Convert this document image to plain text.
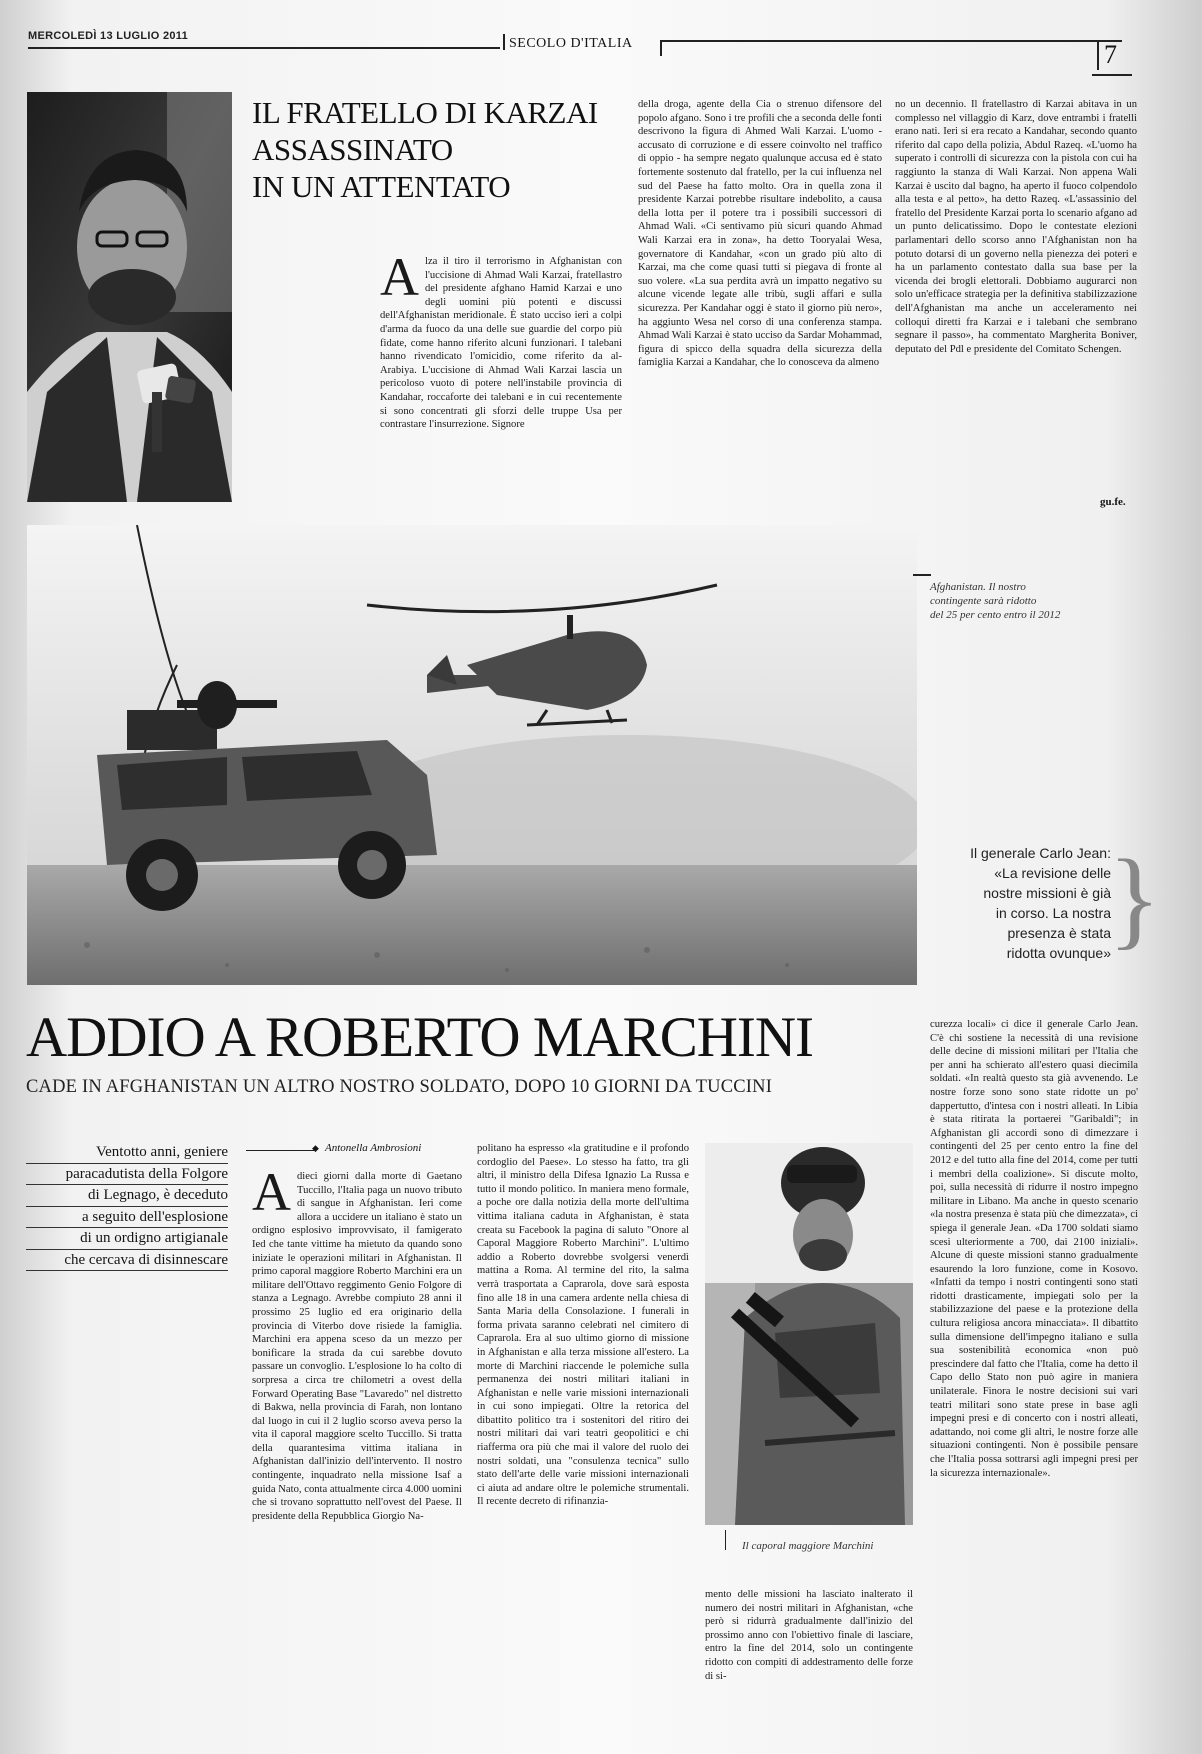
MERCOLEDÌ 13 LUGLIO 2011	SECOLO D'ITALIA	7
IL FRATELLO DI KARZAI
ASSASSINATO
IN UN ATTENTATO
A lza il tiro il terrorismo in Afghanistan con l'uccisione di Ahmad Wali Karzai, fratellastro del presidente afghano Hamid Karzai e uno degli uomini più potenti e discussi dell'Afghanistan meridionale. È stato ucciso ieri a colpi d'arma da fuoco da una delle sue guardie del corpo più fidate, come hanno riferito alcuni funzionari. I talebani hanno rivendicato l'omicidio, come riferito da al-Arabiya. L'uccisione di Ahmad Wali Karzai lascia un pericoloso vuoto di potere nell'instabile provincia di Kandahar, roccaforte dei talebani e in cui recentemente si sono concentrati gli sforzi delle truppe Usa per contrastare l'insurrezione. Signore
della droga, agente della Cia o strenuo difensore del popolo afgano. Sono i tre profili che a seconda delle fonti descrivono la figura di Ahmed Wali Karzai. L'uomo - accusato di corruzione e di essere coinvolto nel traffico di oppio - ha sempre negato qualunque accusa ed è stato fortemente sostenuto dal fratello, per la cui influenza nel sud del Paese ha fatto molto. Ora in quella zona il presidente Karzai potrebbe risultare indebolito, a causa della lotta per il potere tra i possibili successori di Ahmad Wali. «Ci sentivamo più sicuri quando Ahmad Wali Karzai era in zona», ha detto Tooryalai Wesa, governatore di Kandahar, «con un grado più alto di Karzai, ma che come quasi tutti si piegava di fronte al suo volere. «La sua perdita avrà un impatto negativo su alcune vicende legate alle tribù, sugli affari e sulla sicurezza. Per Kandahar oggi è stato il giorno più nero», ha aggiunto Wesa nel corso di una conferenza stampa. Ahmad Wali Karzai è stato ucciso da Sardar Mohammad, figura di spicco della squadra della sicurezza della famiglia Karzai a Kandahar, che lo conosceva da almeno
no un decennio. Il fratellastro di Karzai abitava in un complesso nel villaggio di Karz, dove entrambi i fratelli erano nati. Ieri si era recato a Kandahar, secondo quanto riferito dal capo della polizia, Abdul Razeq. «L'uomo ha superato i controlli di sicurezza con la pistola con cui ha raggiunto la stanza di Wali Karzai. Non appena Wali Karzai è uscito dal bagno, ha aperto il fuoco colpendolo alla testa e al petto», ha detto Razeq. «L'assassinio del fratello del Presidente Karzai porta lo scenario afgano ad un punto delicatissimo. Dopo le contestate elezioni parlamentari dello scorso anno l'Afghanistan non ha potuto dotarsi di un governo nella pienezza dei poteri e ha un parlamento contestato dalla sua base per la vicenda dei brogli elettorali. Dobbiamo augurarci non solo un'efficace strategia per la definitiva stabilizzazione dell'Afghanistan ma anche un acceleramento nei colloqui diretti fra Karzai e i talebani che sembrano segnare il passo», ha commentato Margherita Boniver, deputato del Pdl e presidente del Comitato Schengen.
gu.fe.
Afghanistan. Il nostro
contingente sarà ridotto
del 25 per cento entro il 2012
Il generale Carlo Jean:
«La revisione delle
nostre missioni è già
in corso. La nostra
presenza è stata
ridotta ovunque»
}
ADDIO A ROBERTO MARCHINI
CADE IN AFGHANISTAN UN ALTRO NOSTRO SOLDATO, DOPO 10 GIORNI DA TUCCINI
Ventotto anni, geniere
paracadutista della Folgore
di Legnago, è deceduto
a seguito dell'esplosione
di un ordigno artigianale
che cercava di disinnescare
◆ Antonella Ambrosioni
A dieci giorni dalla morte di Gaetano Tuccillo, l'Italia paga un nuovo tributo di sangue in Afghanistan. Ieri come allora a uccidere un italiano è stato un ordigno esplosivo improvvisato, il famigerato Ied che tante vittime ha mietuto da quando sono iniziate le operazioni militari in Afghanistan. Il primo caporal maggiore Roberto Marchini era un militare dell'Ottavo reggimento Genio Folgore di stanza a Legnago. Avrebbe compiuto 28 anni il prossimo 25 luglio ed era originario della provincia di Viterbo dove risiede la famiglia. Marchini era appena sceso da un mezzo per bonificare la strada da cui sarebbe dovuto passare un convoglio. L'esplosione lo ha colto di sorpresa a circa tre chilometri a ovest della Forward Operating Base "Lavaredo" nel distretto di Bakwa, nella provincia di Farah, non lontano dal luogo in cui il 2 luglio scorso aveva perso la vita il caporal maggiore scelto Tuccillo. Si tratta della quarantesima vittima italiana in Afghanistan dall'inizio dell'intervento. Il nostro contingente, inquadrato nella missione Isaf a guida Nato, conta attualmente circa 4.000 uomini che si trovano soprattutto nell'ovest del Paese. Il presidente della Repubblica Giorgio Na-
politano ha espresso «la gratitudine e il profondo cordoglio del Paese». Lo stesso ha fatto, tra gli altri, il ministro della Difesa Ignazio La Russa e tutto il mondo politico. In maniera meno formale, a poche ore dalla notizia della morte dell'ultima vittima italiana caduta in Afghanistan, è stata creata su Facebook la pagina di saluto "Onore al Caporal Maggiore Roberto Marchini". L'ultimo addio a Roberto dovrebbe svolgersi venerdì mattina a Roma. Al termine del rito, la salma verrà trasportata a Caprarola, dove sarà esposta fino alle 18 in una camera ardente nella chiesa di Santa Maria della Consolazione. I funerali in forma privata saranno celebrati nel cimitero di Caprarola. Era al suo ultimo giorno di missione in Afghanistan e alla terza missione all'estero. La morte di Marchini riaccende le polemiche sulla permanenza dei nostri militari italiani in Afghanistan e nelle varie missioni internazionali in cui sono impiegati. Oltre la retorica del dibattito politico tra i sostenitori del ritiro dei nostri militari dai vari teatri geopolitici e chi riafferma ora più che mai il valore del ruolo dei nostri soldati, una "consulenza tecnica" sullo stato dell'arte delle varie missioni internazionali ci aiuta ad andare oltre le polemiche strumentali. Il recente decreto di rifinanzia-
Il caporal maggiore Marchini
mento delle missioni ha lasciato inalterato il numero dei nostri militari in Afghanistan, «che però si ridurrà gradualmente dall'inizio del prossimo anno con l'obiettivo finale di lasciare, entro la fine del 2014, solo un contingente ridotto con compiti di addestramento delle forze di si-
curezza locali» ci dice il generale Carlo Jean. C'è chi sostiene la necessità di una revisione delle decine di missioni militari per l'Italia che per anni ha schierato all'estero quasi diecimila soldati. «In realtà questo sta già avvenendo. Le nostre forze sono sono state ridotte un po' dappertutto, d'intesa con i nostri alleati. In Libia è stata ritirata la portaerei "Garibaldi"; in Afghanistan gli accordi sono di dimezzare i contingenti del 25 per cento entro la fine del 2012 e del tutto alla fine del 2014, come per tutti i membri della coalizione». Si discute molto, poi, sulla necessità di ridurre il nostro impegno militare in Libano. Ma anche in questo scenario «la nostra presenza è stata più che dimezzata», ci spiega il generale Jean. «Da 1700 soldati siamo scesi ulteriormente a 700, dai 2100 iniziali». Alcune di queste missioni stanno gradualmente esaurendo la loro funzione, come in Kosovo. «Infatti da tempo i nostri contingenti sono stati ridotti drasticamente, impiegati solo per la stabilizzazione del paese e la protezione della cultura religiosa ancora minacciata». Il dibattito sulla dimensione dell'impegno italiano e sulla sua sostenibilità economica «non può prescindere dal fatto che l'Italia, come ha detto il Capo dello Stato non può agire in maniera unilaterale. Finora le nostre decisioni sui vari teatri militari sono state prese in base agli impegni presi e di concerto con i nostri alleati, adattando, noi come gli altri, le nostre forze alle situazioni contingenti. Non è possibile pensare che l'Italia possa sottrarsi agli impegni presi per la sicurezza internazionale».
